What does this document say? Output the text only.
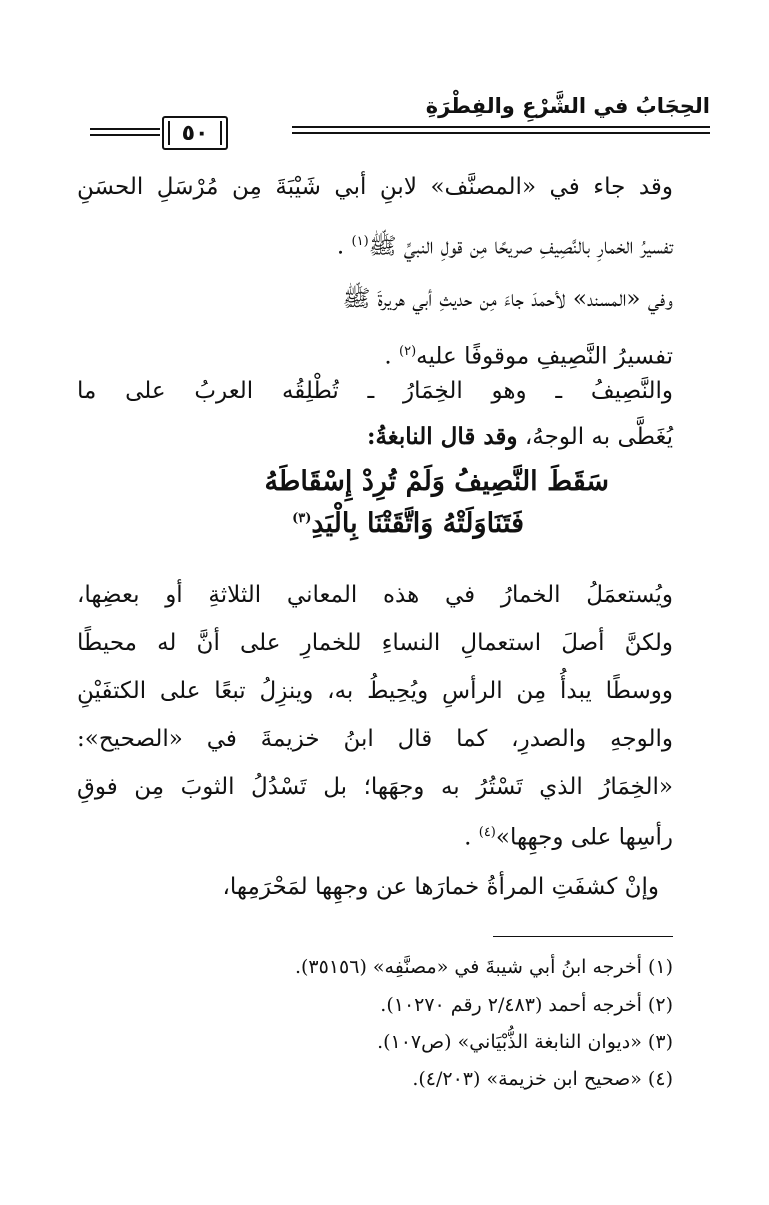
الحِجَابُ في الشَّرْعِ والفِطْرَةِ
٥٠
وقد جاء في «المصنَّف» لابنِ أبي شَيْبَةَ مِن مُرْسَلِ الحسَنِ
تفسيرُ الخمارِ بالنَّصِيفِ صريحًا مِن قولِ النبيِّ ﷺ$^{(١)}$ .
وفي «المسند» لأحمدَ جاءَ مِن حديثِ أبي هريرةَ ﷺ
تفسيرُ النَّصِيفِ موقوفًا عليه$^{(٢)}$ .
والنَّصِيفُ ـ وهو الخِمَارُ ـ تُطْلِقُه العربُ على ما
يُغَطَّى به الوجهُ، وقد قال النابغةُ:
سَقَطَ النَّصِيفُ وَلَمْ تُرِدْ إِسْقَاطَهُ
فَتَنَاوَلَتْهُ وَاتَّقَتْنَا بِالْيَدِ$^{(٣)}$
ويُستعمَلُ الخمارُ في هذه المعاني الثلاثةِ أو بعضِها،
ولكنَّ أصلَ استعمالِ النساءِ للخمارِ على أنَّ له محيطًا
ووسطًا يبدأُ مِن الرأسِ ويُحِيطُ به، وينزِلُ تبعًا على الكتفَيْنِ
والوجهِ والصدرِ، كما قال ابنُ خزيمةَ في «الصحيح»:
«الخِمَارُ الذي تَسْتُرُ به وجهَها؛ بل تَسْدُلُ الثوبَ مِن فوقِ
رأسِها على وجهِها»$^{(٤)}$ .
وإنْ كشفَتِ المرأةُ خمارَها عن وجهِها لمَحْرَمِها،
(١) أخرجه ابنُ أبي شيبةَ في «مصنَّفِه» (٣٥١٥٦).
(٢) أخرجه أحمد (٢/٤٨٣ رقم ١٠٢٧٠).
(٣) «ديوان النابغة الذُّبْيَاني» (ص١٠٧).
(٤) «صحيح ابن خزيمة» (٤/٢٠٣).
